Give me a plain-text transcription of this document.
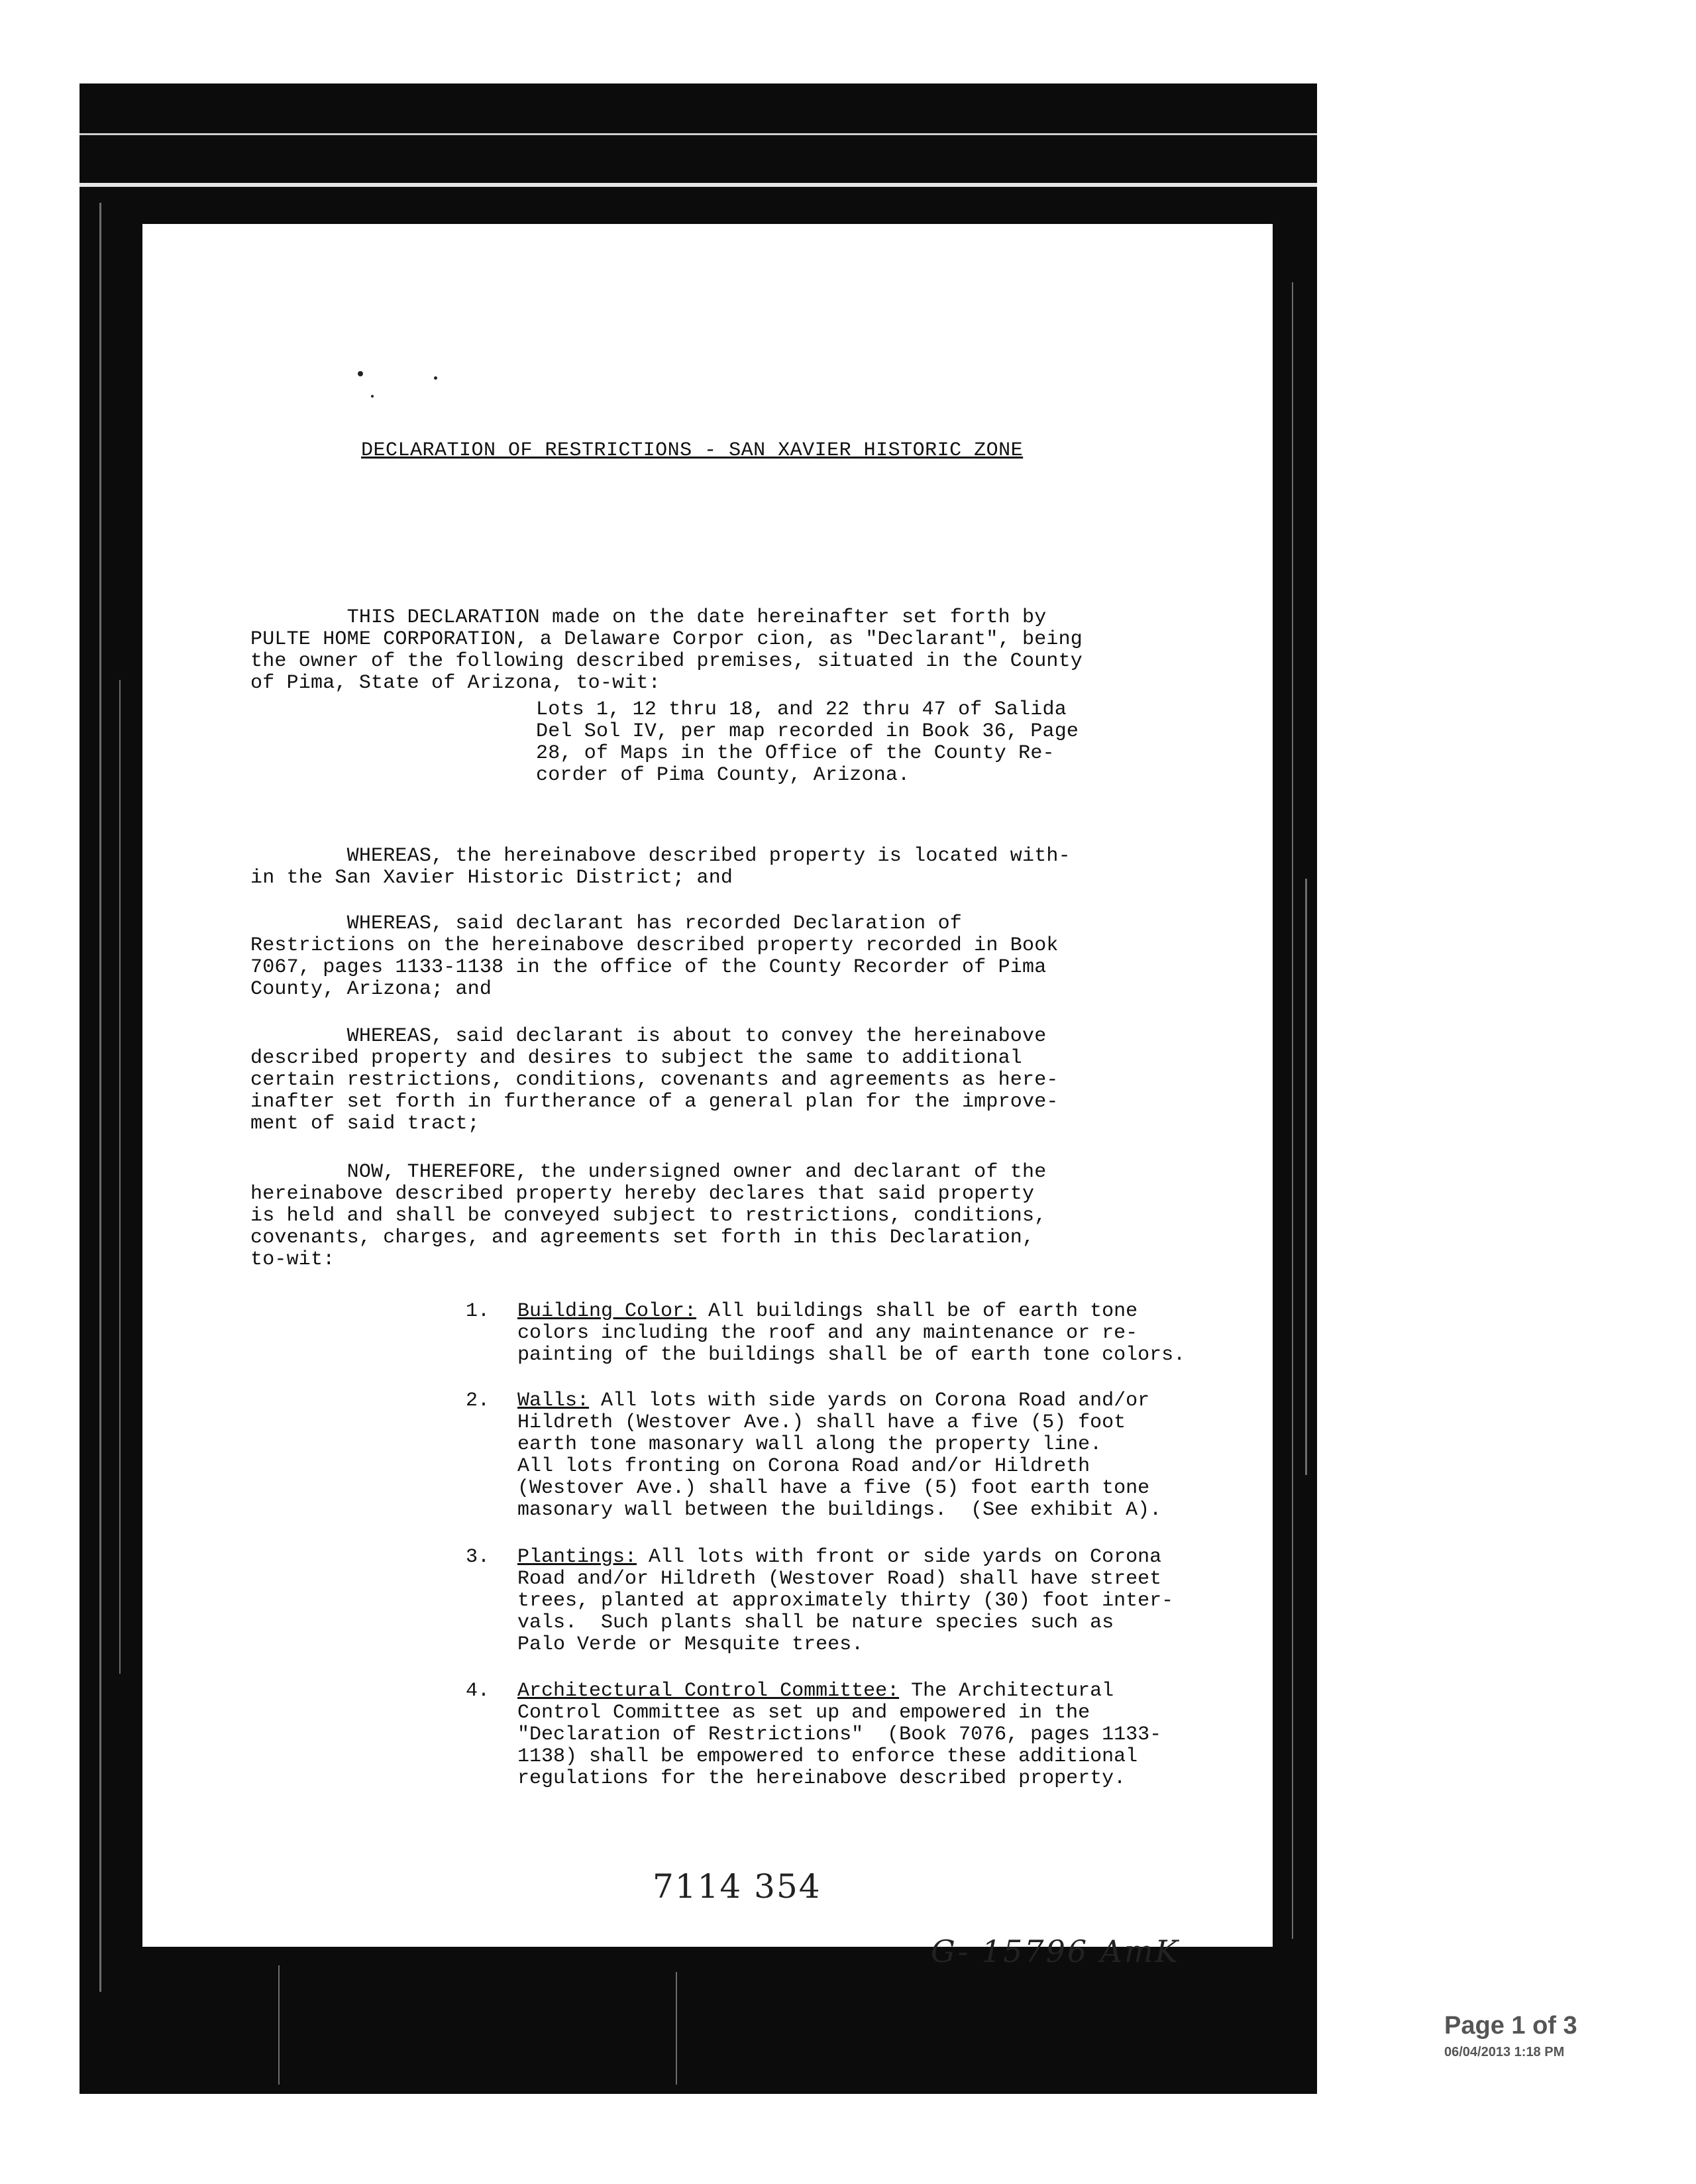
DECLARATION OF RESTRICTIONS - SAN XAVIER HISTORIC ZONE
THIS DECLARATION made on the date hereinafter set forth by
PULTE HOME CORPORATION, a Delaware Corpor cion, as "Declarant", being
the owner of the following described premises, situated in the County
of Pima, State of Arizona, to-wit:
Lots 1, 12 thru 18, and 22 thru 47 of Salida
Del Sol IV, per map recorded in Book 36, Page
28, of Maps in the Office of the County Re-
corder of Pima County, Arizona.
WHEREAS, the hereinabove described property is located with-
in the San Xavier Historic District; and
WHEREAS, said declarant has recorded Declaration of
Restrictions on the hereinabove described property recorded in Book
7067, pages 1133-1138 in the office of the County Recorder of Pima
County, Arizona; and
WHEREAS, said declarant is about to convey the hereinabove
described property and desires to subject the same to additional
certain restrictions, conditions, covenants and agreements as here-
inafter set forth in furtherance of a general plan for the improve-
ment of said tract;
NOW, THEREFORE, the undersigned owner and declarant of the
hereinabove described property hereby declares that said property
is held and shall be conveyed subject to restrictions, conditions,
covenants, charges, and agreements set forth in this Declaration,
to-wit:

1.

Building Color: All buildings shall be of earth tone
colors including the roof and any maintenance or re-
painting of the buildings shall be of earth tone colors.

2.

Walls: All lots with side yards on Corona Road and/or
Hildreth (Westover Ave.) shall have a five (5) foot
earth tone masonary wall along the property line.
All lots fronting on Corona Road and/or Hildreth
(Westover Ave.) shall have a five (5) foot earth tone
masonary wall between the buildings.  (See exhibit A).

3.

Plantings: All lots with front or side yards on Corona
Road and/or Hildreth (Westover Road) shall have street
trees, planted at approximately thirty (30) foot inter-
vals.  Such plants shall be nature species such as
Palo Verde or Mesquite trees.

4.

Architectural Control Committee: The Architectural
Control Committee as set up and empowered in the
"Declaration of Restrictions"  (Book 7076, pages 1133-
1138) shall be empowered to enforce these additional
regulations for the hereinabove described property.

7114 354
G- 15796 AmK
Page 1 of 3
06/04/2013 1:18 PM
